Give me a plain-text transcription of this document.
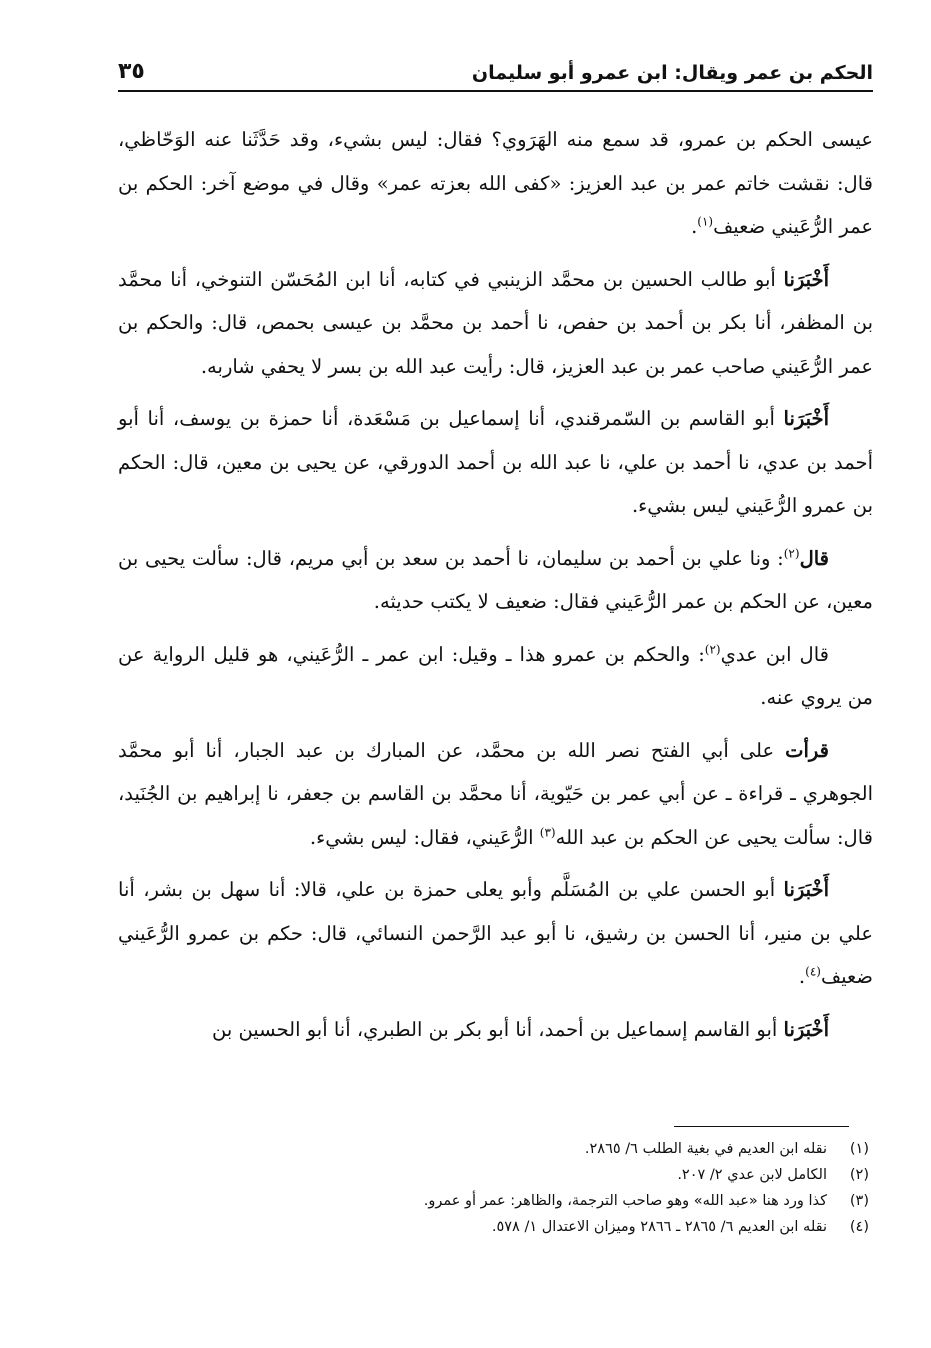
الحكم بن عمر ويقال: ابن عمرو أبو سليمان
٣٥

عيسى الحكم بن عمرو، قد سمع منه الهَرَوي؟ فقال: ليس بشيء، وقد حَدَّثَنا عنه الوَحّاظي، قال: نقشت خاتم عمر بن عبد العزيز: «كفى الله بعزته عمر» وقال في موضع آخر: الحكم بن عمر الرُّعَيني ضعيف$^{(١)}$.

أَخْبَرَنا أبو طالب الحسين بن محمَّد الزينبي في كتابه، أنا ابن المُحَسّن التنوخي، أنا محمَّد بن المظفر، أنا بكر بن أحمد بن حفص، نا أحمد بن محمَّد بن عيسى بحمص، قال: والحكم بن عمر الرُّعَيني صاحب عمر بن عبد العزيز، قال: رأيت عبد الله بن بسر لا يحفي شاربه.

أَخْبَرَنا أبو القاسم بن السّمرقندي، أنا إسماعيل بن مَسْعَدة، أنا حمزة بن يوسف، أنا أبو أحمد بن عدي، نا أحمد بن علي، نا عبد الله بن أحمد الدورقي، عن يحيى بن معين، قال: الحكم بن عمرو الرُّعَيني ليس بشيء.

قال$^{(٢)}$: ونا علي بن أحمد بن سليمان، نا أحمد بن سعد بن أبي مريم، قال: سألت يحيى بن معين، عن الحكم بن عمر الرُّعَيني فقال: ضعيف لا يكتب حديثه.

قال ابن عدي$^{(٢)}$: والحكم بن عمرو هذا ـ وقيل: ابن عمر ـ الرُّعَيني، هو قليل الرواية عن من يروي عنه.

قرأت على أبي الفتح نصر الله بن محمَّد، عن المبارك بن عبد الجبار، أنا أبو محمَّد الجوهري ـ قراءة ـ عن أبي عمر بن حَيّوية، أنا محمَّد بن القاسم بن جعفر، نا إبراهيم بن الجُنَيد، قال: سألت يحيى عن الحكم بن عبد الله$^{(٣)}$ الرُّعَيني، فقال: ليس بشيء.

أَخْبَرَنا أبو الحسن علي بن المُسَلَّم وأبو يعلى حمزة بن علي، قالا: أنا سهل بن بشر، أنا علي بن منير، أنا الحسن بن رشيق، نا أبو عبد الرَّحمن النسائي، قال: حكم بن عمرو الرُّعَيني ضعيف$^{(٤)}$.

أَخْبَرَنا أبو القاسم إسماعيل بن أحمد، أنا أبو بكر بن الطبري، أنا أبو الحسين بن

(١)نقله ابن العديم في بغية الطلب ٦/ ٢٨٦٥.

(٢)الكامل لابن عدي ٢/ ٢٠٧.

(٣)كذا ورد هنا «عبد الله» وهو صاحب الترجمة، والظاهر: عمر أو عمرو.

(٤)نقله ابن العديم ٦/ ٢٨٦٥ ـ ٢٨٦٦ وميزان الاعتدال ١/ ٥٧٨.
